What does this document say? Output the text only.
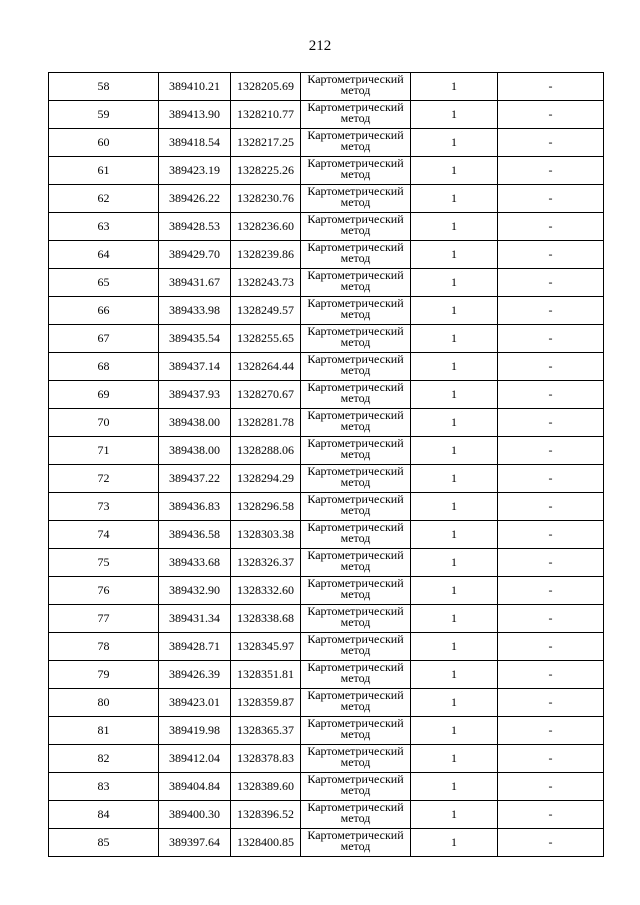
212
58	389410.21	1328205.69	Картометрический метод	1	-
59	389413.90	1328210.77	Картометрический метод	1	-
60	389418.54	1328217.25	Картометрический метод	1	-
61	389423.19	1328225.26	Картометрический метод	1	-
62	389426.22	1328230.76	Картометрический метод	1	-
63	389428.53	1328236.60	Картометрический метод	1	-
64	389429.70	1328239.86	Картометрический метод	1	-
65	389431.67	1328243.73	Картометрический метод	1	-
66	389433.98	1328249.57	Картометрический метод	1	-
67	389435.54	1328255.65	Картометрический метод	1	-
68	389437.14	1328264.44	Картометрический метод	1	-
69	389437.93	1328270.67	Картометрический метод	1	-
70	389438.00	1328281.78	Картометрический метод	1	-
71	389438.00	1328288.06	Картометрический метод	1	-
72	389437.22	1328294.29	Картометрический метод	1	-
73	389436.83	1328296.58	Картометрический метод	1	-
74	389436.58	1328303.38	Картометрический метод	1	-
75	389433.68	1328326.37	Картометрический метод	1	-
76	389432.90	1328332.60	Картометрический метод	1	-
77	389431.34	1328338.68	Картометрический метод	1	-
78	389428.71	1328345.97	Картометрический метод	1	-
79	389426.39	1328351.81	Картометрический метод	1	-
80	389423.01	1328359.87	Картометрический метод	1	-
81	389419.98	1328365.37	Картометрический метод	1	-
82	389412.04	1328378.83	Картометрический метод	1	-
83	389404.84	1328389.60	Картометрический метод	1	-
84	389400.30	1328396.52	Картометрический метод	1	-
85	389397.64	1328400.85	Картометрический метод	1	-
